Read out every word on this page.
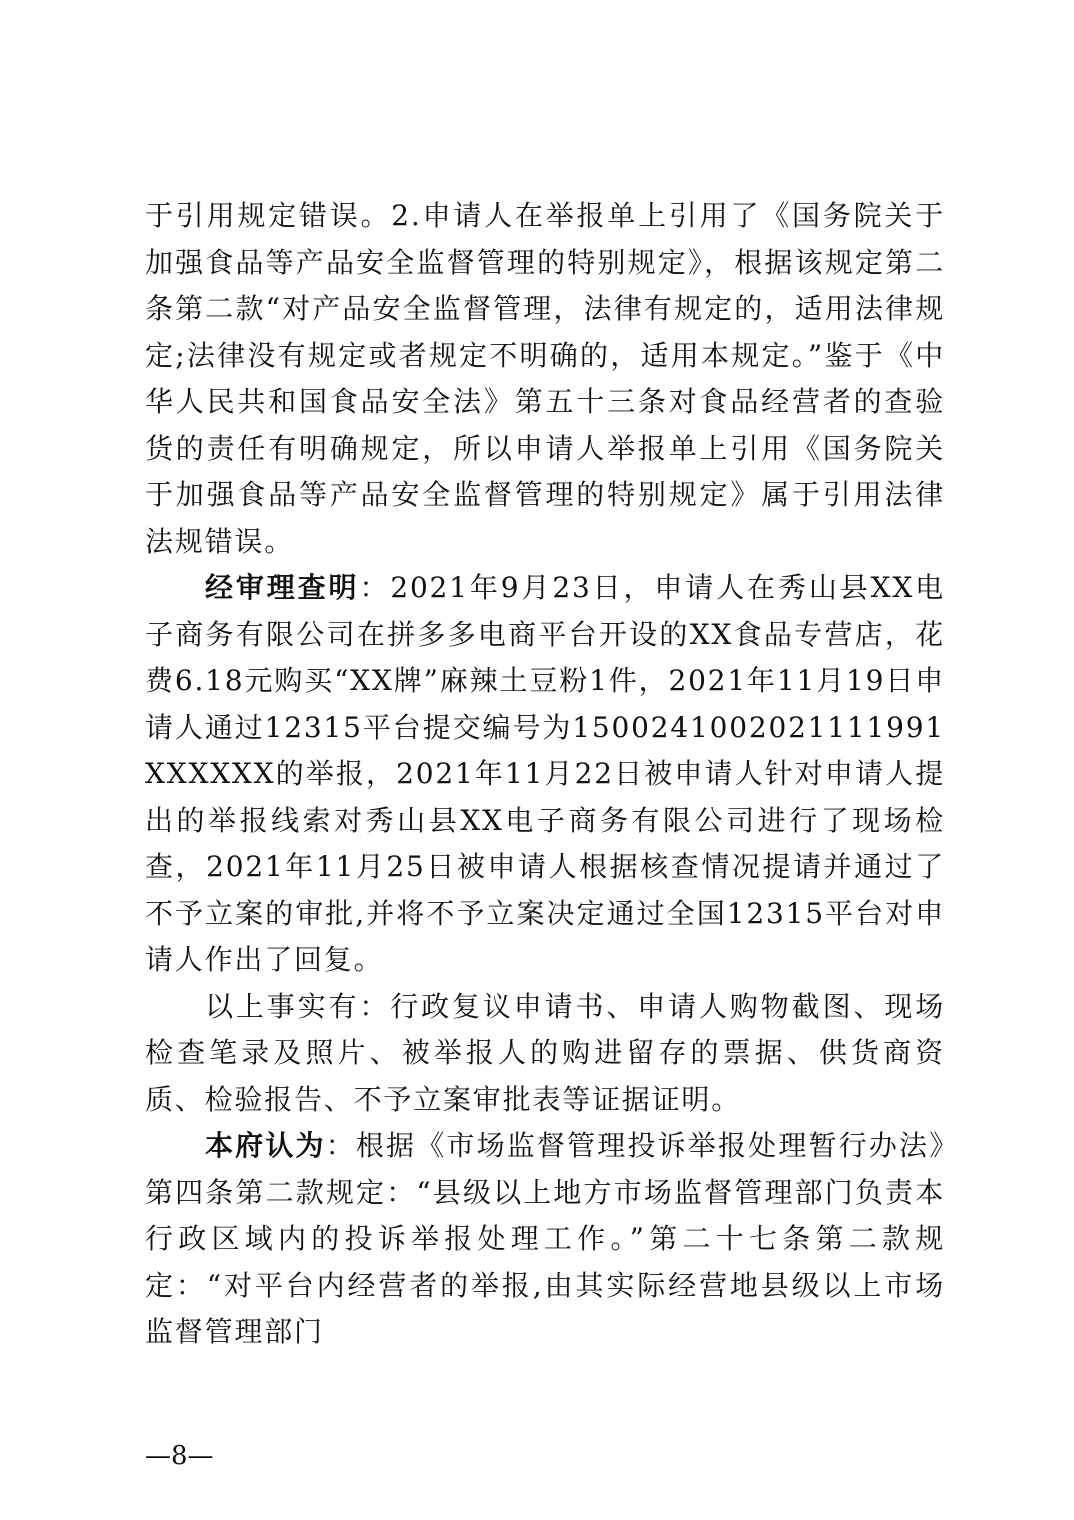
于引用规定错误。2.申请人在举报单上引用了《国务院关于加强食品等产品安全监督管理的特别规定》，根据该规定第二条第二款“对产品安全监督管理，法律有规定的，适用法律规定;法律没有规定或者规定不明确的，适用本规定。”鉴于《中华人民共和国食品安全法》第五十三条对食品经营者的查验货的责任有明确规定，所以申请人举报单上引用《国务院关于加强食品等产品安全监督管理的特别规定》属于引用法律法规错误。

经审理查明：2021年9月23日，申请人在秀山县XX电子商务有限公司在拼多多电商平台开设的XX食品专营店，花费6.18元购买“XX牌”麻辣土豆粉1件，2021年11月19日申请人通过12315平台提交编号为1500241002021111991XXXXXX的举报，2021年11月22日被申请人针对申请人提出的举报线索对秀山县XX电子商务有限公司进行了现场检查，2021年11月25日被申请人根据核查情况提请并通过了不予立案的审批,并将不予立案决定通过全国12315平台对申请人作出了回复。

以上事实有：行政复议申请书、申请人购物截图、现场检查笔录及照片、被举报人的购进留存的票据、供货商资质、检验报告、不予立案审批表等证据证明。

本府认为：根据《市场监督管理投诉举报处理暂行办法》第四条第二款规定：“县级以上地方市场监督管理部门负责本行政区域内的投诉举报处理工作。”第二十七条第二款规定：“对平台内经营者的举报,由其实际经营地县级以上市场监督管理部门

—8—
